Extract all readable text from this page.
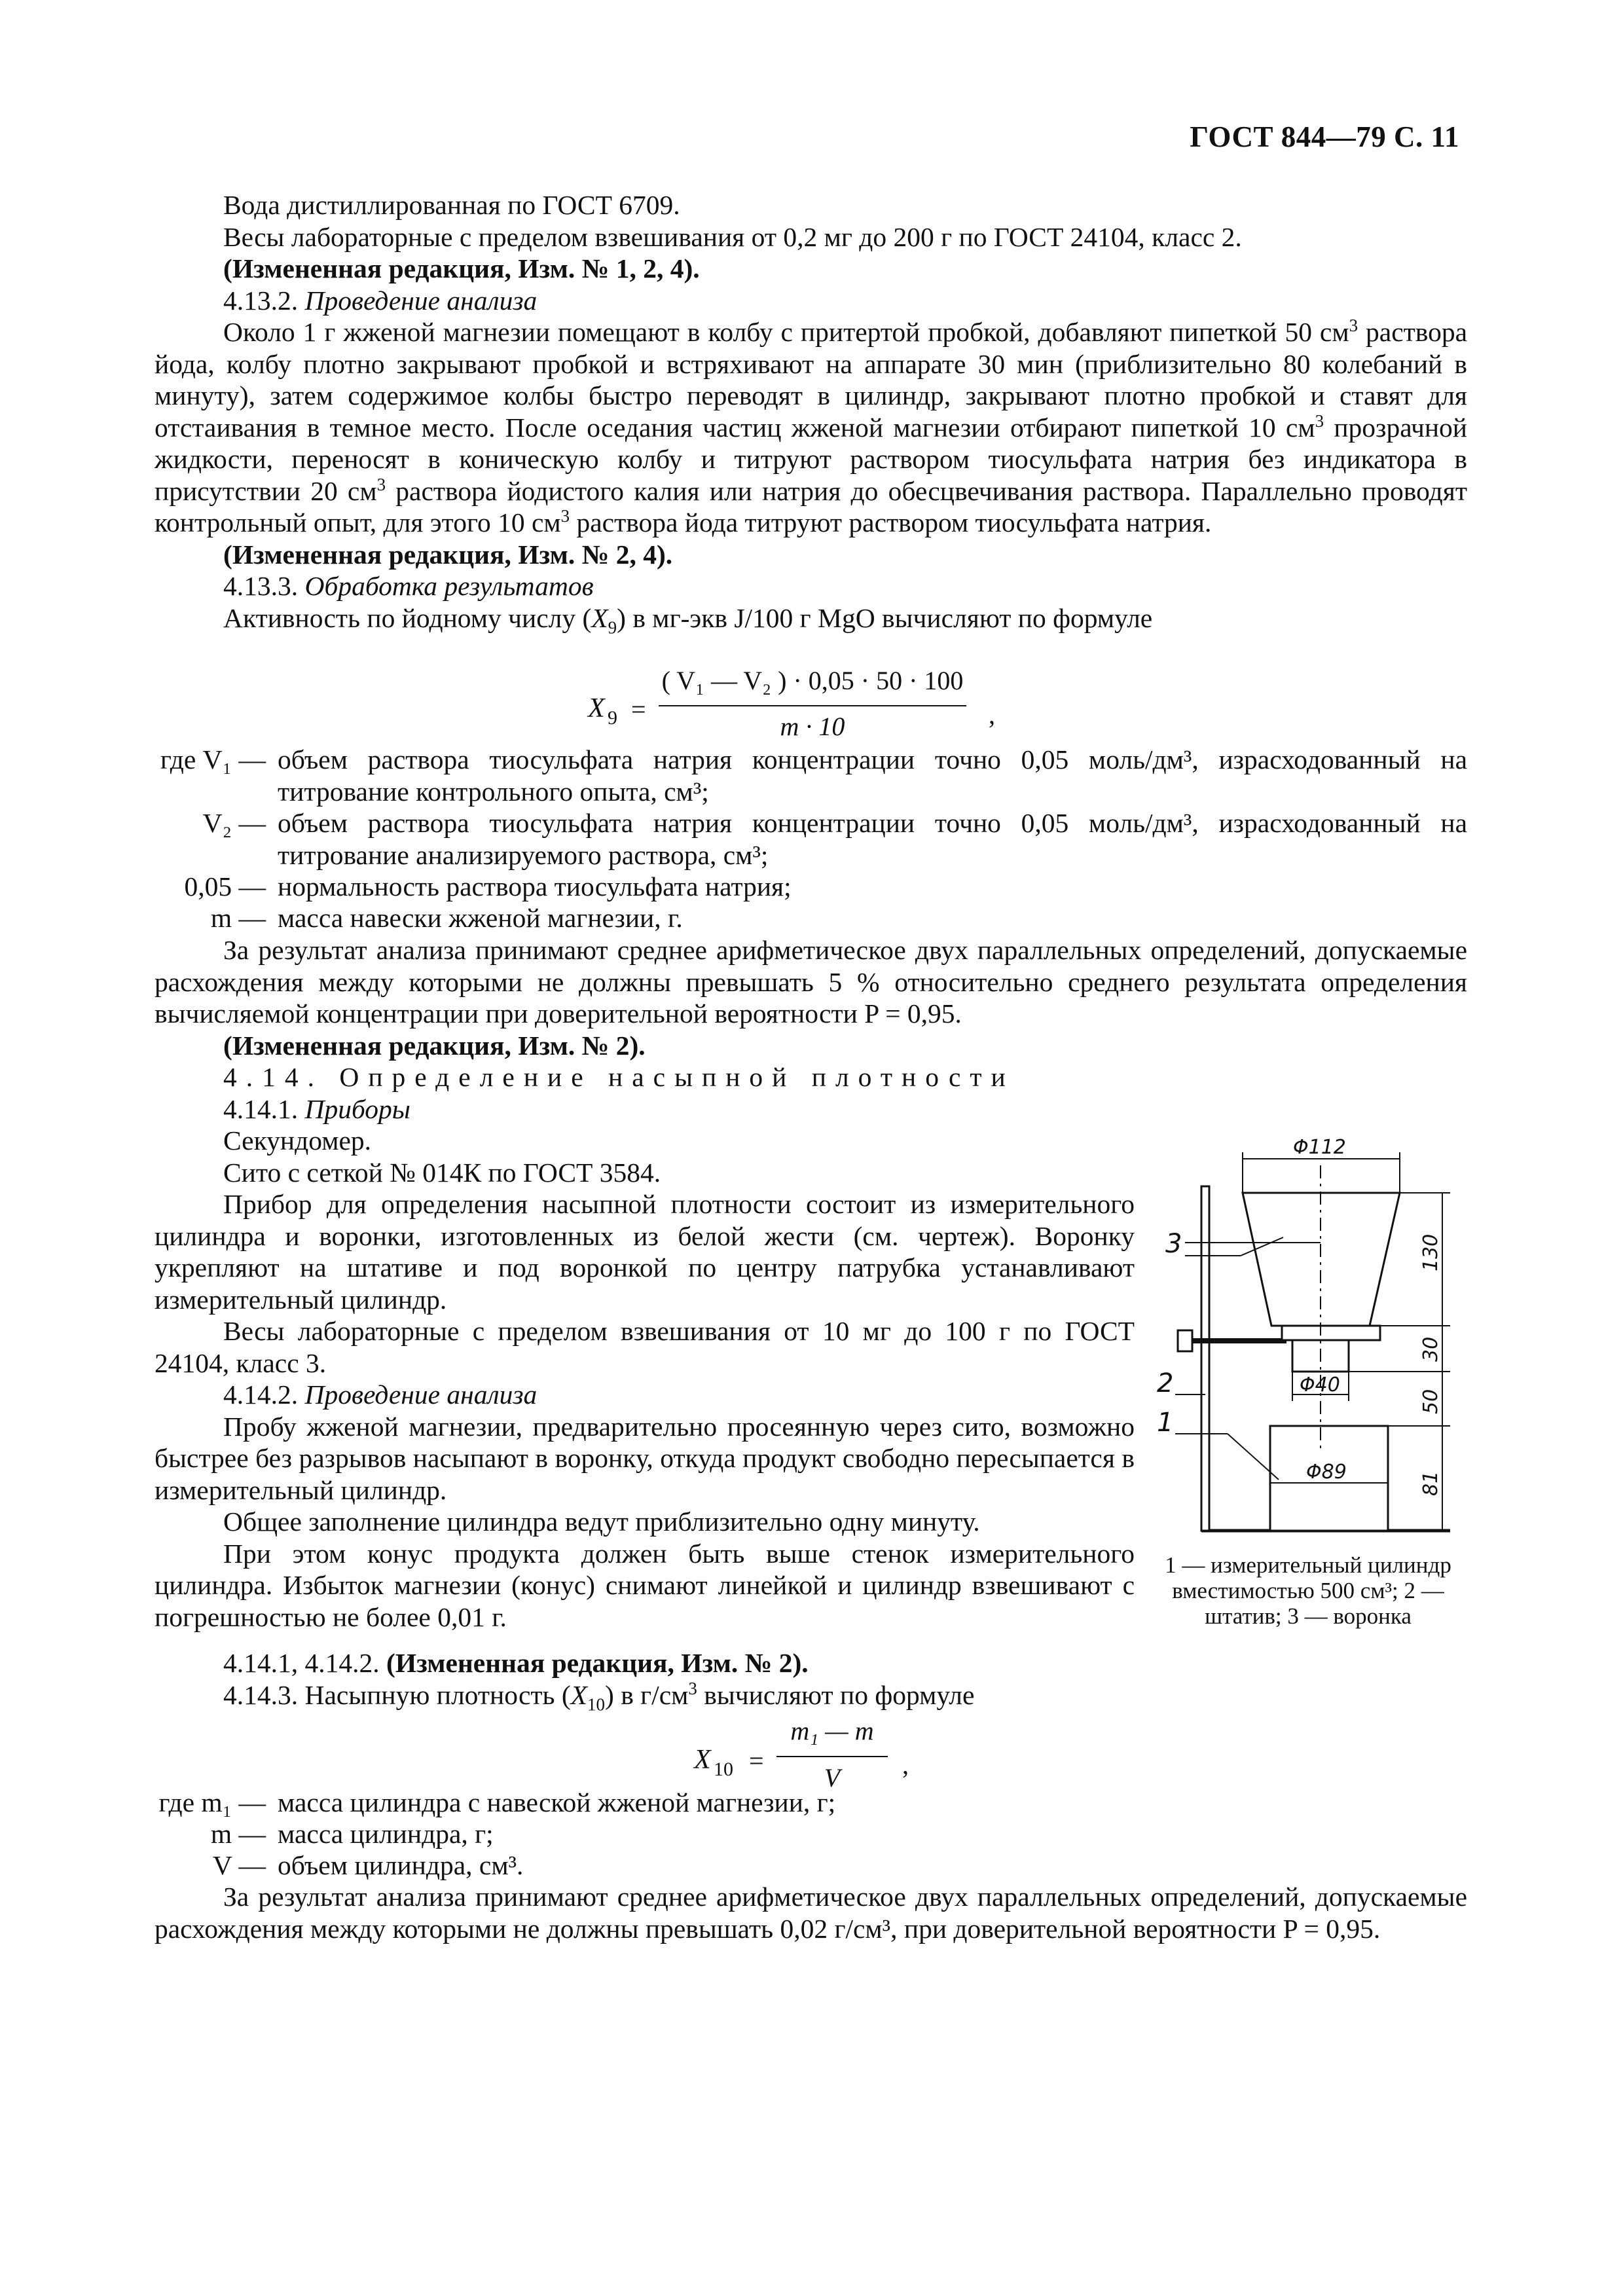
ГОСТ 844—79 С. 11

Вода дистиллированная по ГОСТ 6709.

Весы лабораторные с пределом взвешивания от 0,2 мг до 200 г по ГОСТ 24104, класс 2.

(Измененная редакция, Изм. № 1, 2, 4).

4.13.2. Проведение анализа

Около 1 г жженой магнезии помещают в колбу с притертой пробкой, добавляют пипеткой 50 $см^3$ раствора йода, колбу плотно закрывают пробкой и встряхивают на аппарате 30 мин (приблизительно 80 колебаний в минуту), затем содержимое колбы быстро переводят в цилиндр, закрывают плотно пробкой и ставят для отстаивания в темное место. После оседания частиц жженой магнезии отбирают пипеткой 10 $см^3$ прозрачной жидкости, переносят в коническую колбу и титруют раствором тиосульфата натрия без индикатора в присутствии 20 $см^3$ раствора йодистого калия или натрия до обесцвечивания раствора. Параллельно проводят контрольный опыт, для этого 10 $см^3$ раствора йода титруют раствором тиосульфата натрия.

(Измененная редакция, Изм. № 2, 4).

4.13.3. Обработка результатов

Активность по йодному числу $(X_9)$ в мг-экв J/100 г MgO вычисляют по формуле

X 9 =
( V₁ — V₂ ) · 0,05 · 50 · 100
m · 10	,
где V₁ — объем раствора тиосульфата натрия концентрации точно 0,05 моль/дм³, израсходованный на титрование контрольного опыта, см³;
V₂ — объем раствора тиосульфата натрия концентрации точно 0,05 моль/дм³, израсходованный на титрование анализируемого раствора, см³;
0,05 — нормальность раствора тиосульфата натрия;
m — масса навески жженой магнезии, г.

За результат анализа принимают среднее арифметическое двух параллельных определений, допускаемые расхождения между которыми не должны превышать 5 % относительно среднего результата определения вычисляемой концентрации при доверительной вероятности P = 0,95.

(Измененная редакция, Изм. № 2).

4.14. Определение насыпной плотности

4.14.1. Приборы

Секундомер.

Сито с сеткой № 014К по ГОСТ 3584.

Прибор для определения насыпной плотности состоит из измерительного цилиндра и воронки, изготовленных из белой жести (см. чертеж). Воронку укрепляют на штативе и под воронкой по центру патрубка устанавливают измерительный цилиндр.

Весы лабораторные с пределом взвешивания от 10 мг до 100 г по ГОСТ 24104, класс 3.

4.14.2. Проведение анализа

Пробу жженой магнезии, предварительно просеянную через сито, возможно быстрее без разрывов насыпают в воронку, откуда продукт свободно пересыпается в измерительный цилиндр.

Общее заполнение цилиндра ведут приблизительно одну минуту.

При этом конус продукта должен быть выше стенок измерительного цилиндра. Избыток магнезии (конус) снимают линейкой и цилиндр взвешивают с погрешностью не более 0,01 г.

Φ112
Φ40
Φ89
130
30
50
81
3
2
1
1 — измерительный цилиндр вместимостью 500 см³; 2 — штатив; 3 — воронка

4.14.1, 4.14.2. (Измененная редакция, Изм. № 2).

4.14.3. Насыпную плотность $(X_{10})$ в $г/см^3$ вычисляют по формуле

X 10 =
m₁ — m
V	,
где m₁ — масса цилиндра с навеской жженой магнезии, г;
m — масса цилиндра, г;
V — объем цилиндра, см³.

За результат анализа принимают среднее арифметическое двух параллельных определений, допускаемые расхождения между которыми не должны превышать 0,02 г/см³, при доверительной вероятности P = 0,95.
